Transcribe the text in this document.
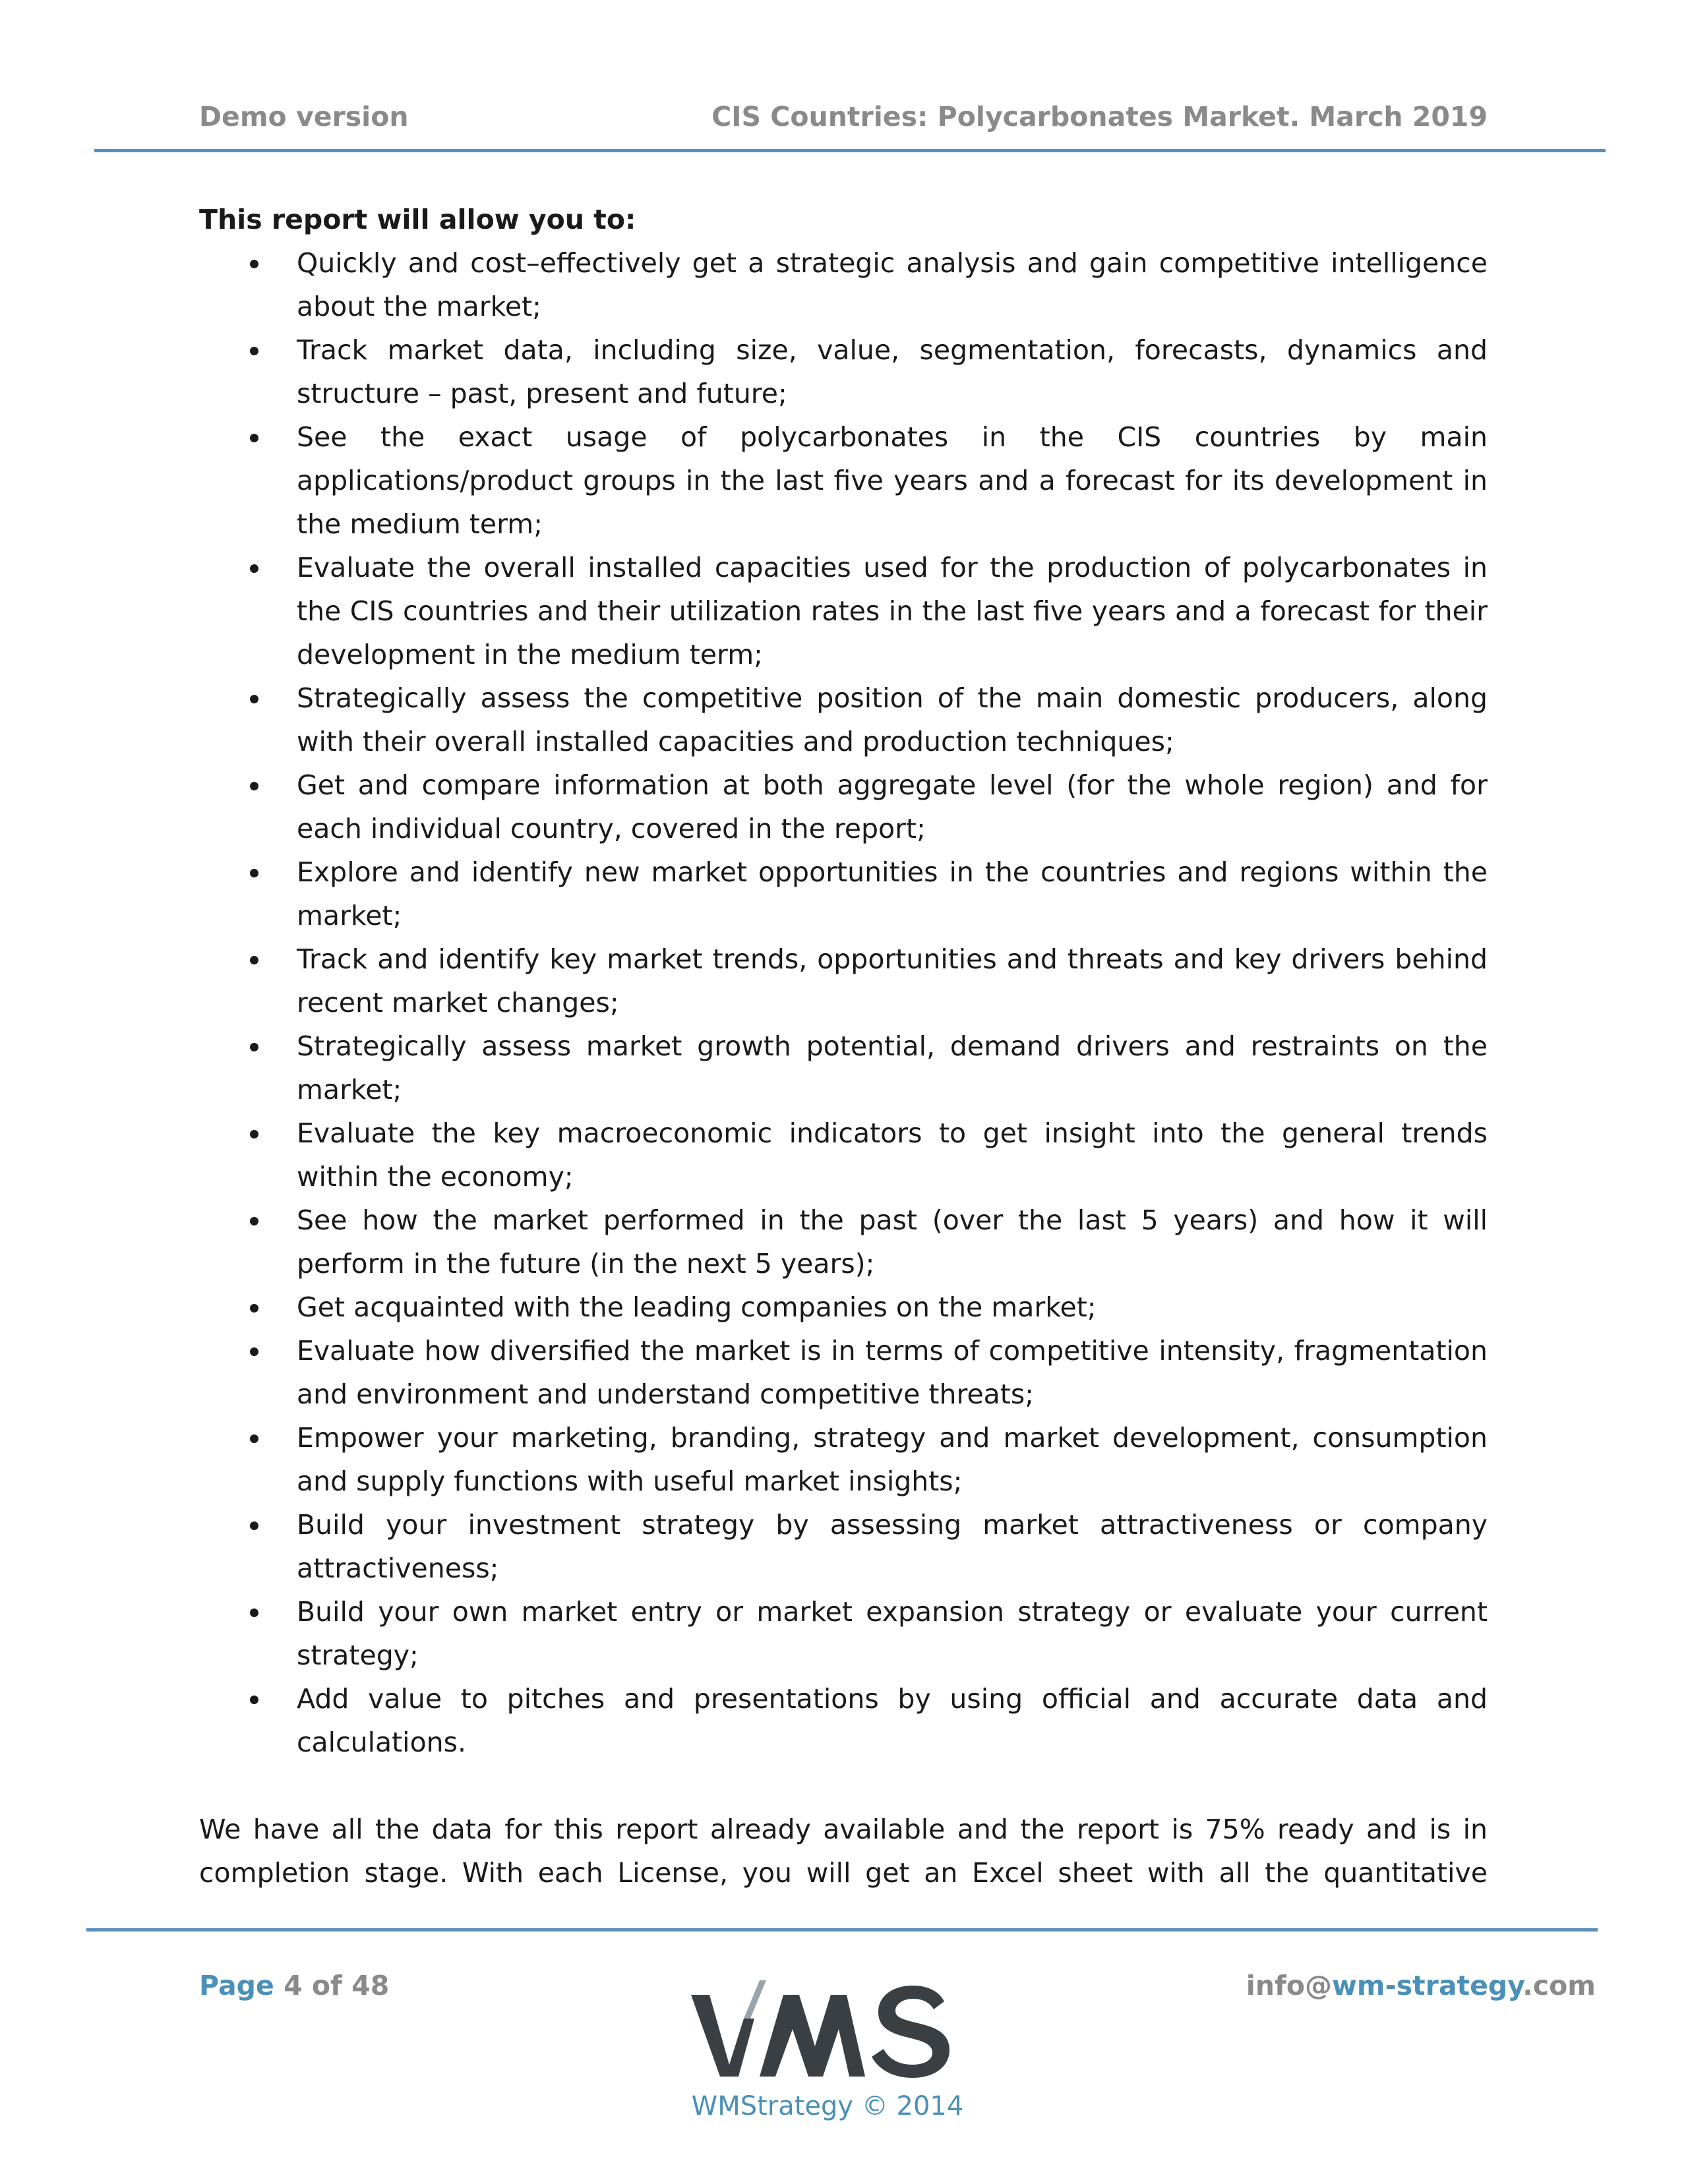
Demo version	CIS Countries: Polycarbonates Market. March 2019

This report will allow you to:

Quickly and cost–effectively get a strategic analysis and gain competitive intelligence about the market;
Track market data, including size, value, segmentation, forecasts, dynamics and structure – past, present and future;
See the exact usage of polycarbonates in the CIS countries by main applications/product groups in the last five years and a forecast for its development in the medium term;
Evaluate the overall installed capacities used for the production of polycarbonates in the CIS countries and their utilization rates in the last five years and a forecast for their development in the medium term;
Strategically assess the competitive position of the main domestic producers, along with their overall installed capacities and production techniques;
Get and compare information at both aggregate level (for the whole region) and for each individual country, covered in the report;
Explore and identify new market opportunities in the countries and regions within the market;
Track and identify key market trends, opportunities and threats and key drivers behind recent market changes;
Strategically assess market growth potential, demand drivers and restraints on the market;
Evaluate the key macroeconomic indicators to get insight into the general trends within the economy;
See how the market performed in the past (over the last 5 years) and how it will perform in the future (in the next 5 years);
Get acquainted with the leading companies on the market;
Evaluate how diversified the market is in terms of competitive intensity, fragmentation and environment and understand competitive threats;
Empower your marketing, branding, strategy and market development, consumption and supply functions with useful market insights;
Build your investment strategy by assessing market attractiveness or company attractiveness;
Build your own market entry or market expansion strategy or evaluate your current strategy;
Add value to pitches and presentations by using official and accurate data and calculations.
We have all the data for this report already available and the report is 75% ready and is in
completion stage. With each License, you will get an Excel sheet with all the quantitative
Page 4 of 48	info@wm-strategy.com
WMStrategy © 2014
